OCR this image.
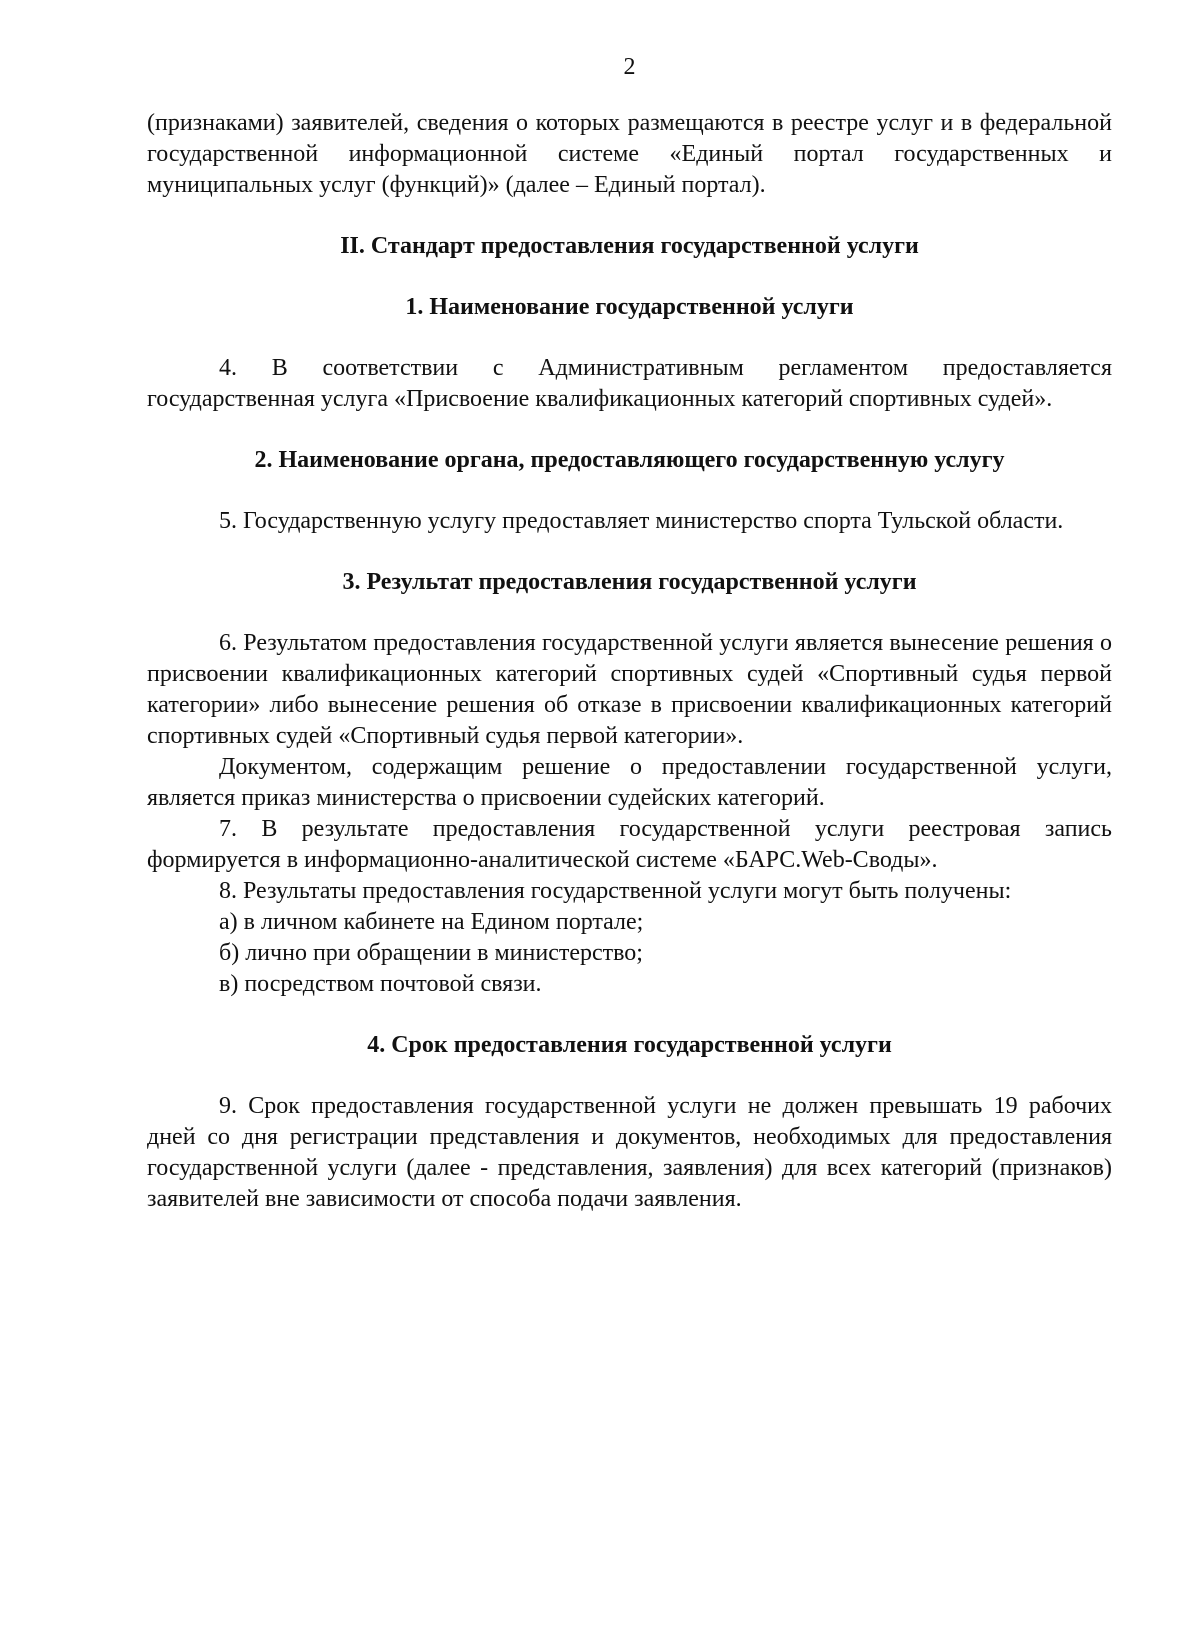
2

(признаками) заявителей, сведения о которых размещаются в реестре услуг и в федеральной государственной информационной системе «Единый портал государственных и муниципальных услуг (функций)» (далее – Единый портал).

II. Стандарт предоставления государственной услуги
1. Наименование государственной услуги

4. В соответствии с Административным регламентом предоставляется государственная услуга «Присвоение квалификационных категорий спортивных судей».

2. Наименование органа, предоставляющего государственную услугу

5. Государственную услугу предоставляет министерство спорта Тульской области.

3. Результат предоставления государственной услуги

6. Результатом предоставления государственной услуги является вынесение решения о присвоении квалификационных категорий спортивных судей «Спортивный судья первой категории» либо вынесение решения об отказе в присвоении квалификационных категорий спортивных судей «Спортивный судья первой категории».

Документом, содержащим решение о предоставлении государственной услуги, является приказ министерства о присвоении судейских категорий.

7. В результате предоставления государственной услуги реестровая запись формируется в информационно-аналитической системе «БАРС.Web-Своды».

8. Результаты предоставления государственной услуги могут быть получены:

а) в личном кабинете на Едином портале;

б) лично при обращении в министерство;

в) посредством почтовой связи.

4. Срок предоставления государственной услуги

9. Срок предоставления государственной услуги не должен превышать 19 рабочих дней со дня регистрации представления и документов, необходимых для предоставления государственной услуги (далее - представления, заявления) для всех категорий (признаков) заявителей вне зависимости от способа подачи заявления.
